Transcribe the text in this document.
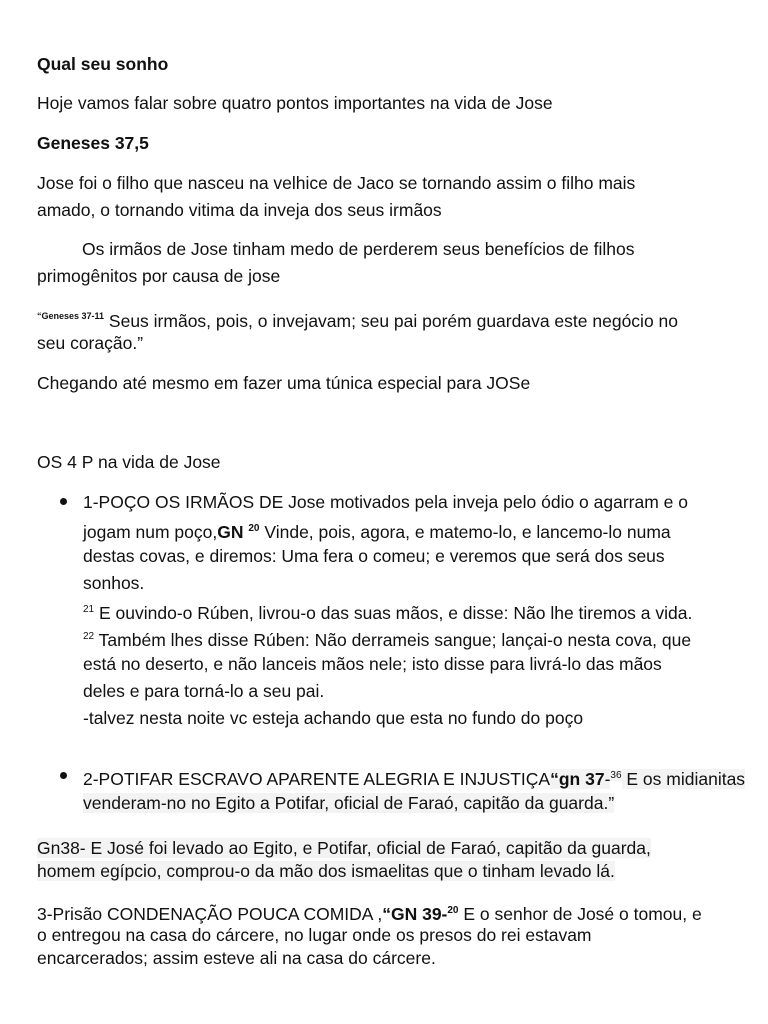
Qual seu sonho
Hoje vamos falar sobre quatro pontos importantes na vida de Jose
Geneses 37,5
Jose foi o filho que nasceu na velhice de Jaco se tornando assim o filho mais
amado, o tornando vitima da inveja dos seus irmãos
Os irmãos de Jose tinham medo de perderem seus benefícios de filhos
primogênitos por causa de jose
$^{“Geneses 37-11}$ Seus irmãos, pois, o invejavam; seu pai porém guardava este negócio no
seu coração.”
Chegando até mesmo em fazer uma túnica especial para JOSe
OS 4 P na vida de Jose
1-POÇO OS IRMÃOS DE Jose motivados pela inveja pelo ódio o agarram e o
jogam num poço,GN $^{20}$ Vinde, pois, agora, e matemo-lo, e lancemo-lo numa
destas covas, e diremos: Uma fera o comeu; e veremos que será dos seus
sonhos.
$^{21}$ E ouvindo-o Rúben, livrou-o das suas mãos, e disse: Não lhe tiremos a vida.
$^{22}$ Também lhes disse Rúben: Não derrameis sangue; lançai-o nesta cova, que
está no deserto, e não lanceis mãos nele; isto disse para livrá-lo das mãos
deles e para torná-lo a seu pai.
-talvez nesta noite vc esteja achando que esta no fundo do poço
2-POTIFAR ESCRAVO APARENTE ALEGRIA E INJUSTIÇA“gn 37-$^{36}$ E os midianitas
venderam-no no Egito a Potifar, oficial de Faraó, capitão da guarda.”
Gn38- E José foi levado ao Egito, e Potifar, oficial de Faraó, capitão da guarda,
homem egípcio, comprou-o da mão dos ismaelitas que o tinham levado lá.
3-Prisão CONDENAÇÃO POUCA COMIDA ,“GN 39-$^{20}$ E o senhor de José o tomou, e
o entregou na casa do cárcere, no lugar onde os presos do rei estavam
encarcerados; assim esteve ali na casa do cárcere.
